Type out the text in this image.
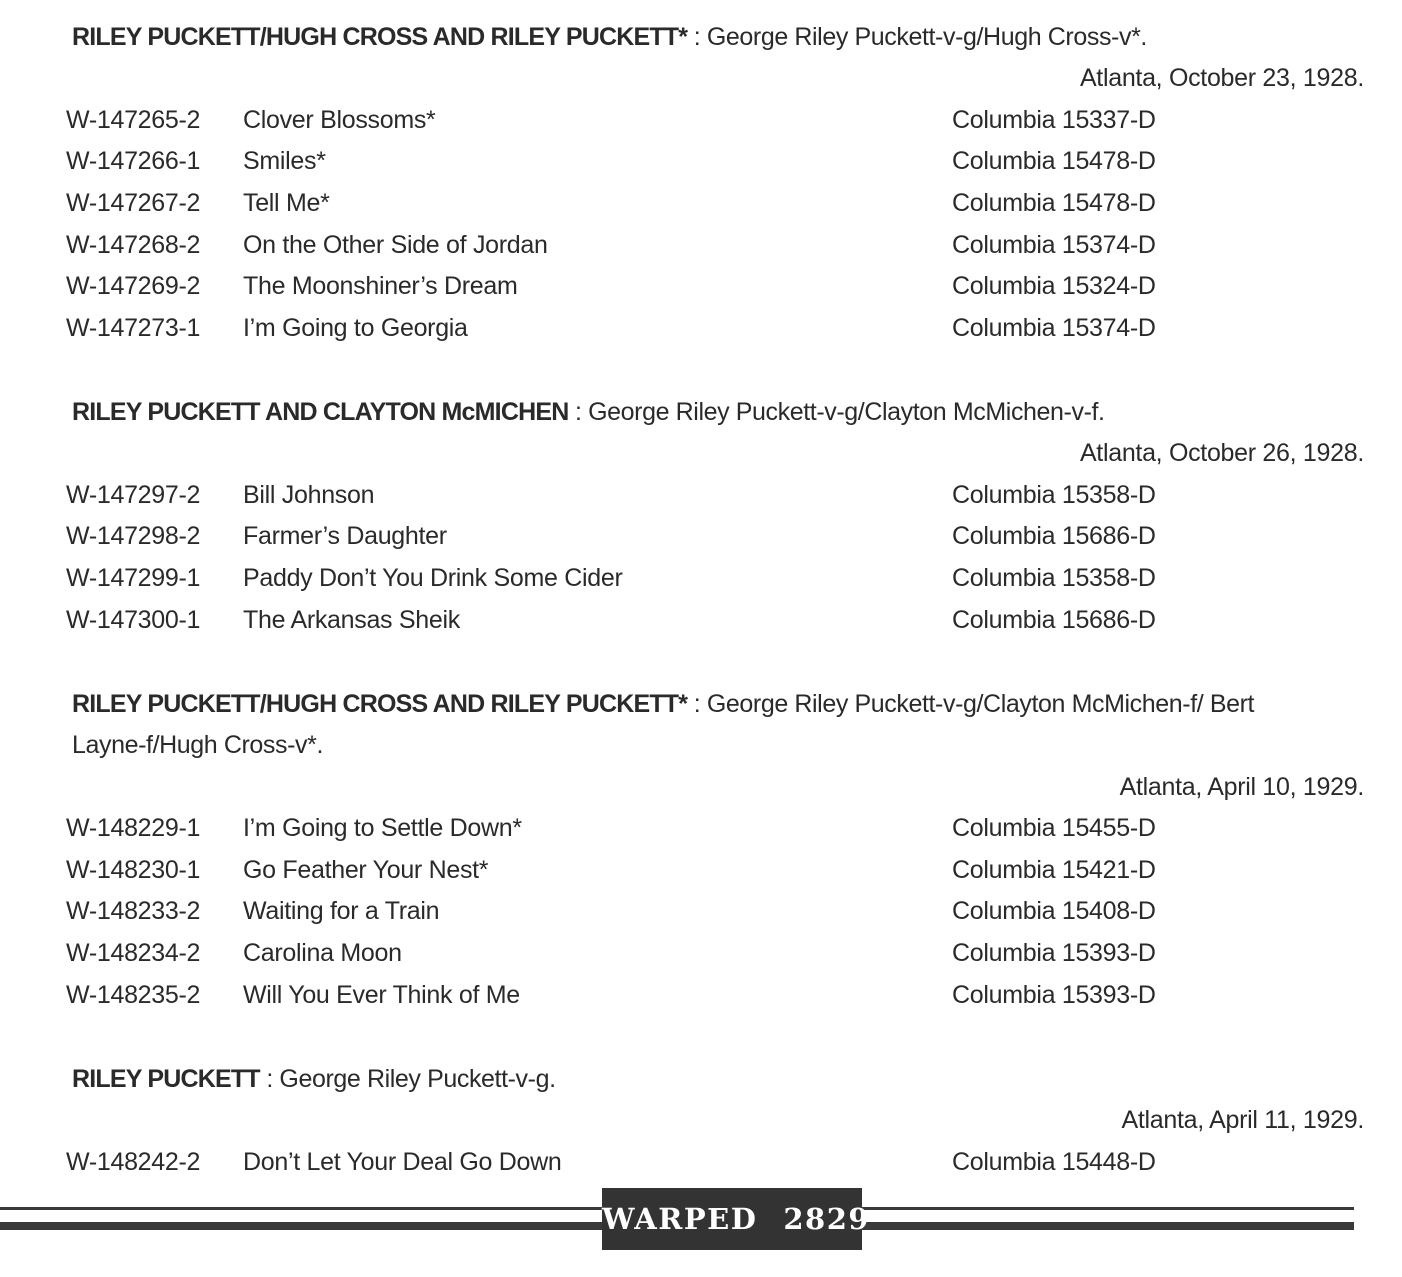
RILEY PUCKETT/HUGH CROSS AND RILEY PUCKETT* : George Riley Puckett-v-g/Hugh Cross-v*.
Atlanta, October 23, 1928.
W-147265-2 Clover Blossoms*	Columbia 15337-D
W-147266-1 Smiles*	Columbia 15478-D
W-147267-2 Tell Me*	Columbia 15478-D
W-147268-2 On the Other Side of Jordan	Columbia 15374-D
W-147269-2 The Moonshiner’s Dream	Columbia 15324-D
W-147273-1 I’m Going to Georgia	Columbia 15374-D
RILEY PUCKETT AND CLAYTON McMICHEN : George Riley Puckett-v-g/Clayton McMichen-v-f.
Atlanta, October 26, 1928.
W-147297-2 Bill Johnson	Columbia 15358-D
W-147298-2 Farmer’s Daughter	Columbia 15686-D
W-147299-1 Paddy Don’t You Drink Some Cider	Columbia 15358-D
W-147300-1 The Arkansas Sheik	Columbia 15686-D
RILEY PUCKETT/HUGH CROSS AND RILEY PUCKETT* : George Riley Puckett-v-g/Clayton McMichen-f/ Bert Layne-f/Hugh Cross-v*.
Atlanta, April 10, 1929.
W-148229-1 I’m Going to Settle Down*	Columbia 15455-D
W-148230-1 Go Feather Your Nest*	Columbia 15421-D
W-148233-2 Waiting for a Train	Columbia 15408-D
W-148234-2 Carolina Moon	Columbia 15393-D
W-148235-2 Will You Ever Think of Me	Columbia 15393-D
RILEY PUCKETT : George Riley Puckett-v-g.
Atlanta, April 11, 1929.
W-148242-2 Don’t Let Your Deal Go Down	Columbia 15448-D
WARPED 2829
